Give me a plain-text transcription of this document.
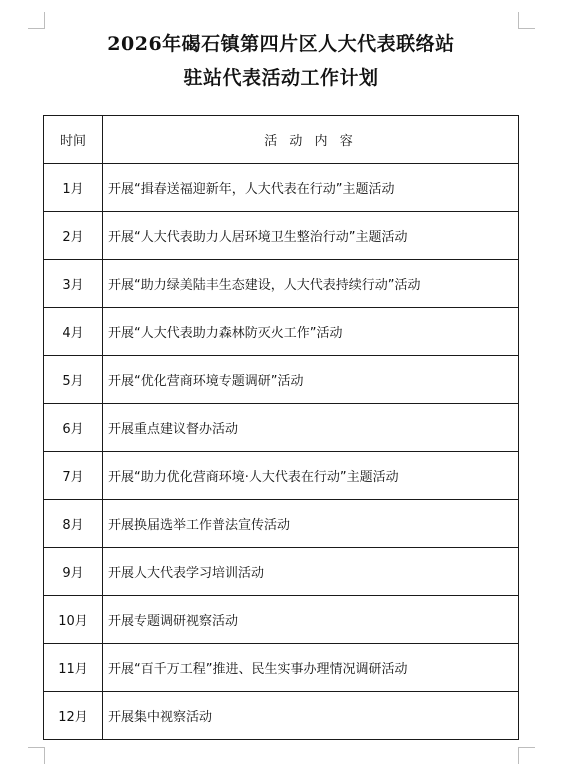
2026年碣石镇第四片区人大代表联络站
驻站代表活动工作计划
时间	活 动 内 容
1月	开展“揖春送福迎新年，人大代表在行动”主题活动
2月	开展“人大代表助力人居环境卫生整治行动”主题活动
3月	开展“助力绿美陆丰生态建设，人大代表持续行动”活动
4月	开展“人大代表助力森林防灭火工作”活动
5月	开展“优化营商环境专题调研”活动
6月	开展重点建议督办活动
7月	开展“助力优化营商环境·人大代表在行动”主题活动
8月	开展换届选举工作普法宣传活动
9月	开展人大代表学习培训活动
10月	开展专题调研视察活动
11月	开展“百千万工程”推进、民生实事办理情况调研活动
12月	开展集中视察活动
